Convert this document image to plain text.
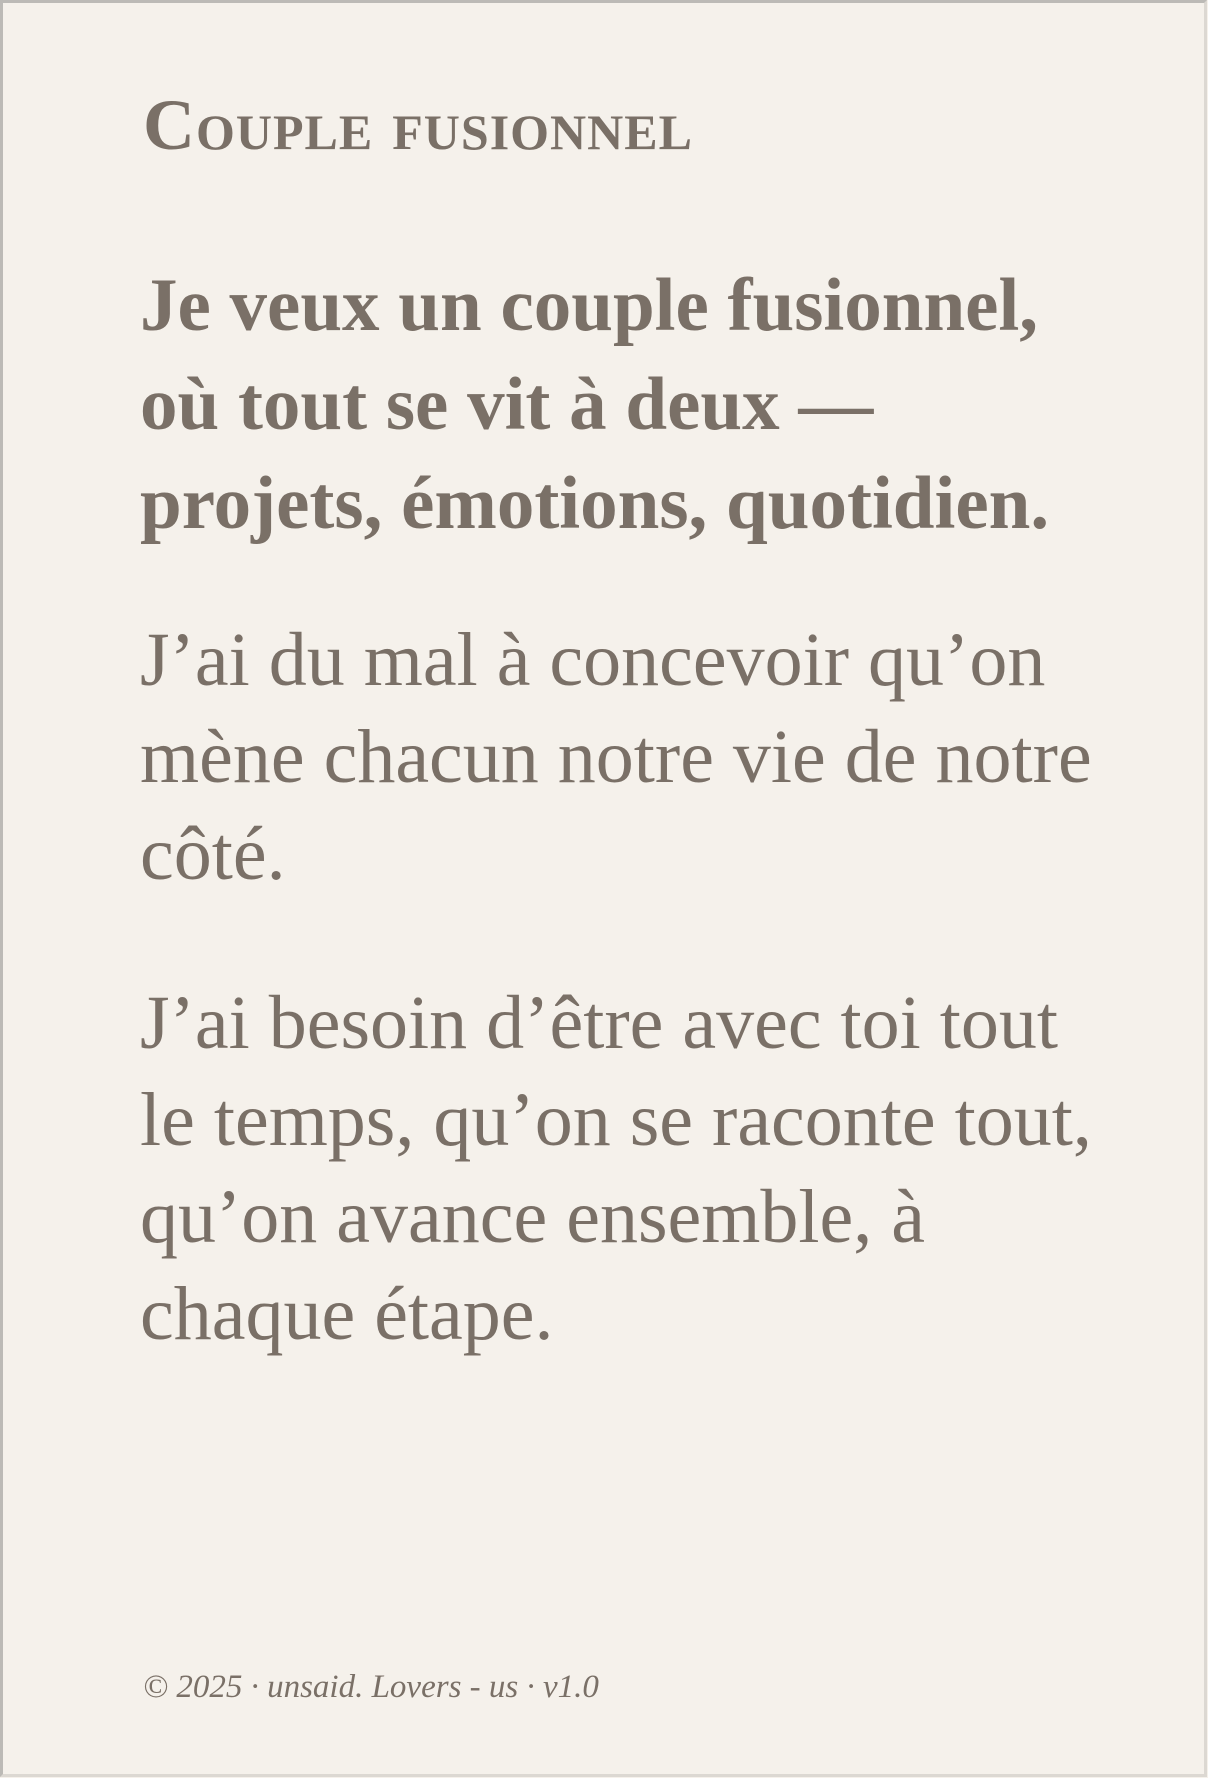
Couple fusionnel

Je veux un couple fusionnel, où tout se vit à deux — projets, émotions, quotidien.

J’ai du mal à concevoir qu’on mène chacun notre vie de notre côté.

J’ai besoin d’être avec toi tout le temps, qu’on se raconte tout, qu’on avance ensemble, à chaque étape.

© 2025 · unsaid. Lovers - us · v1.0
